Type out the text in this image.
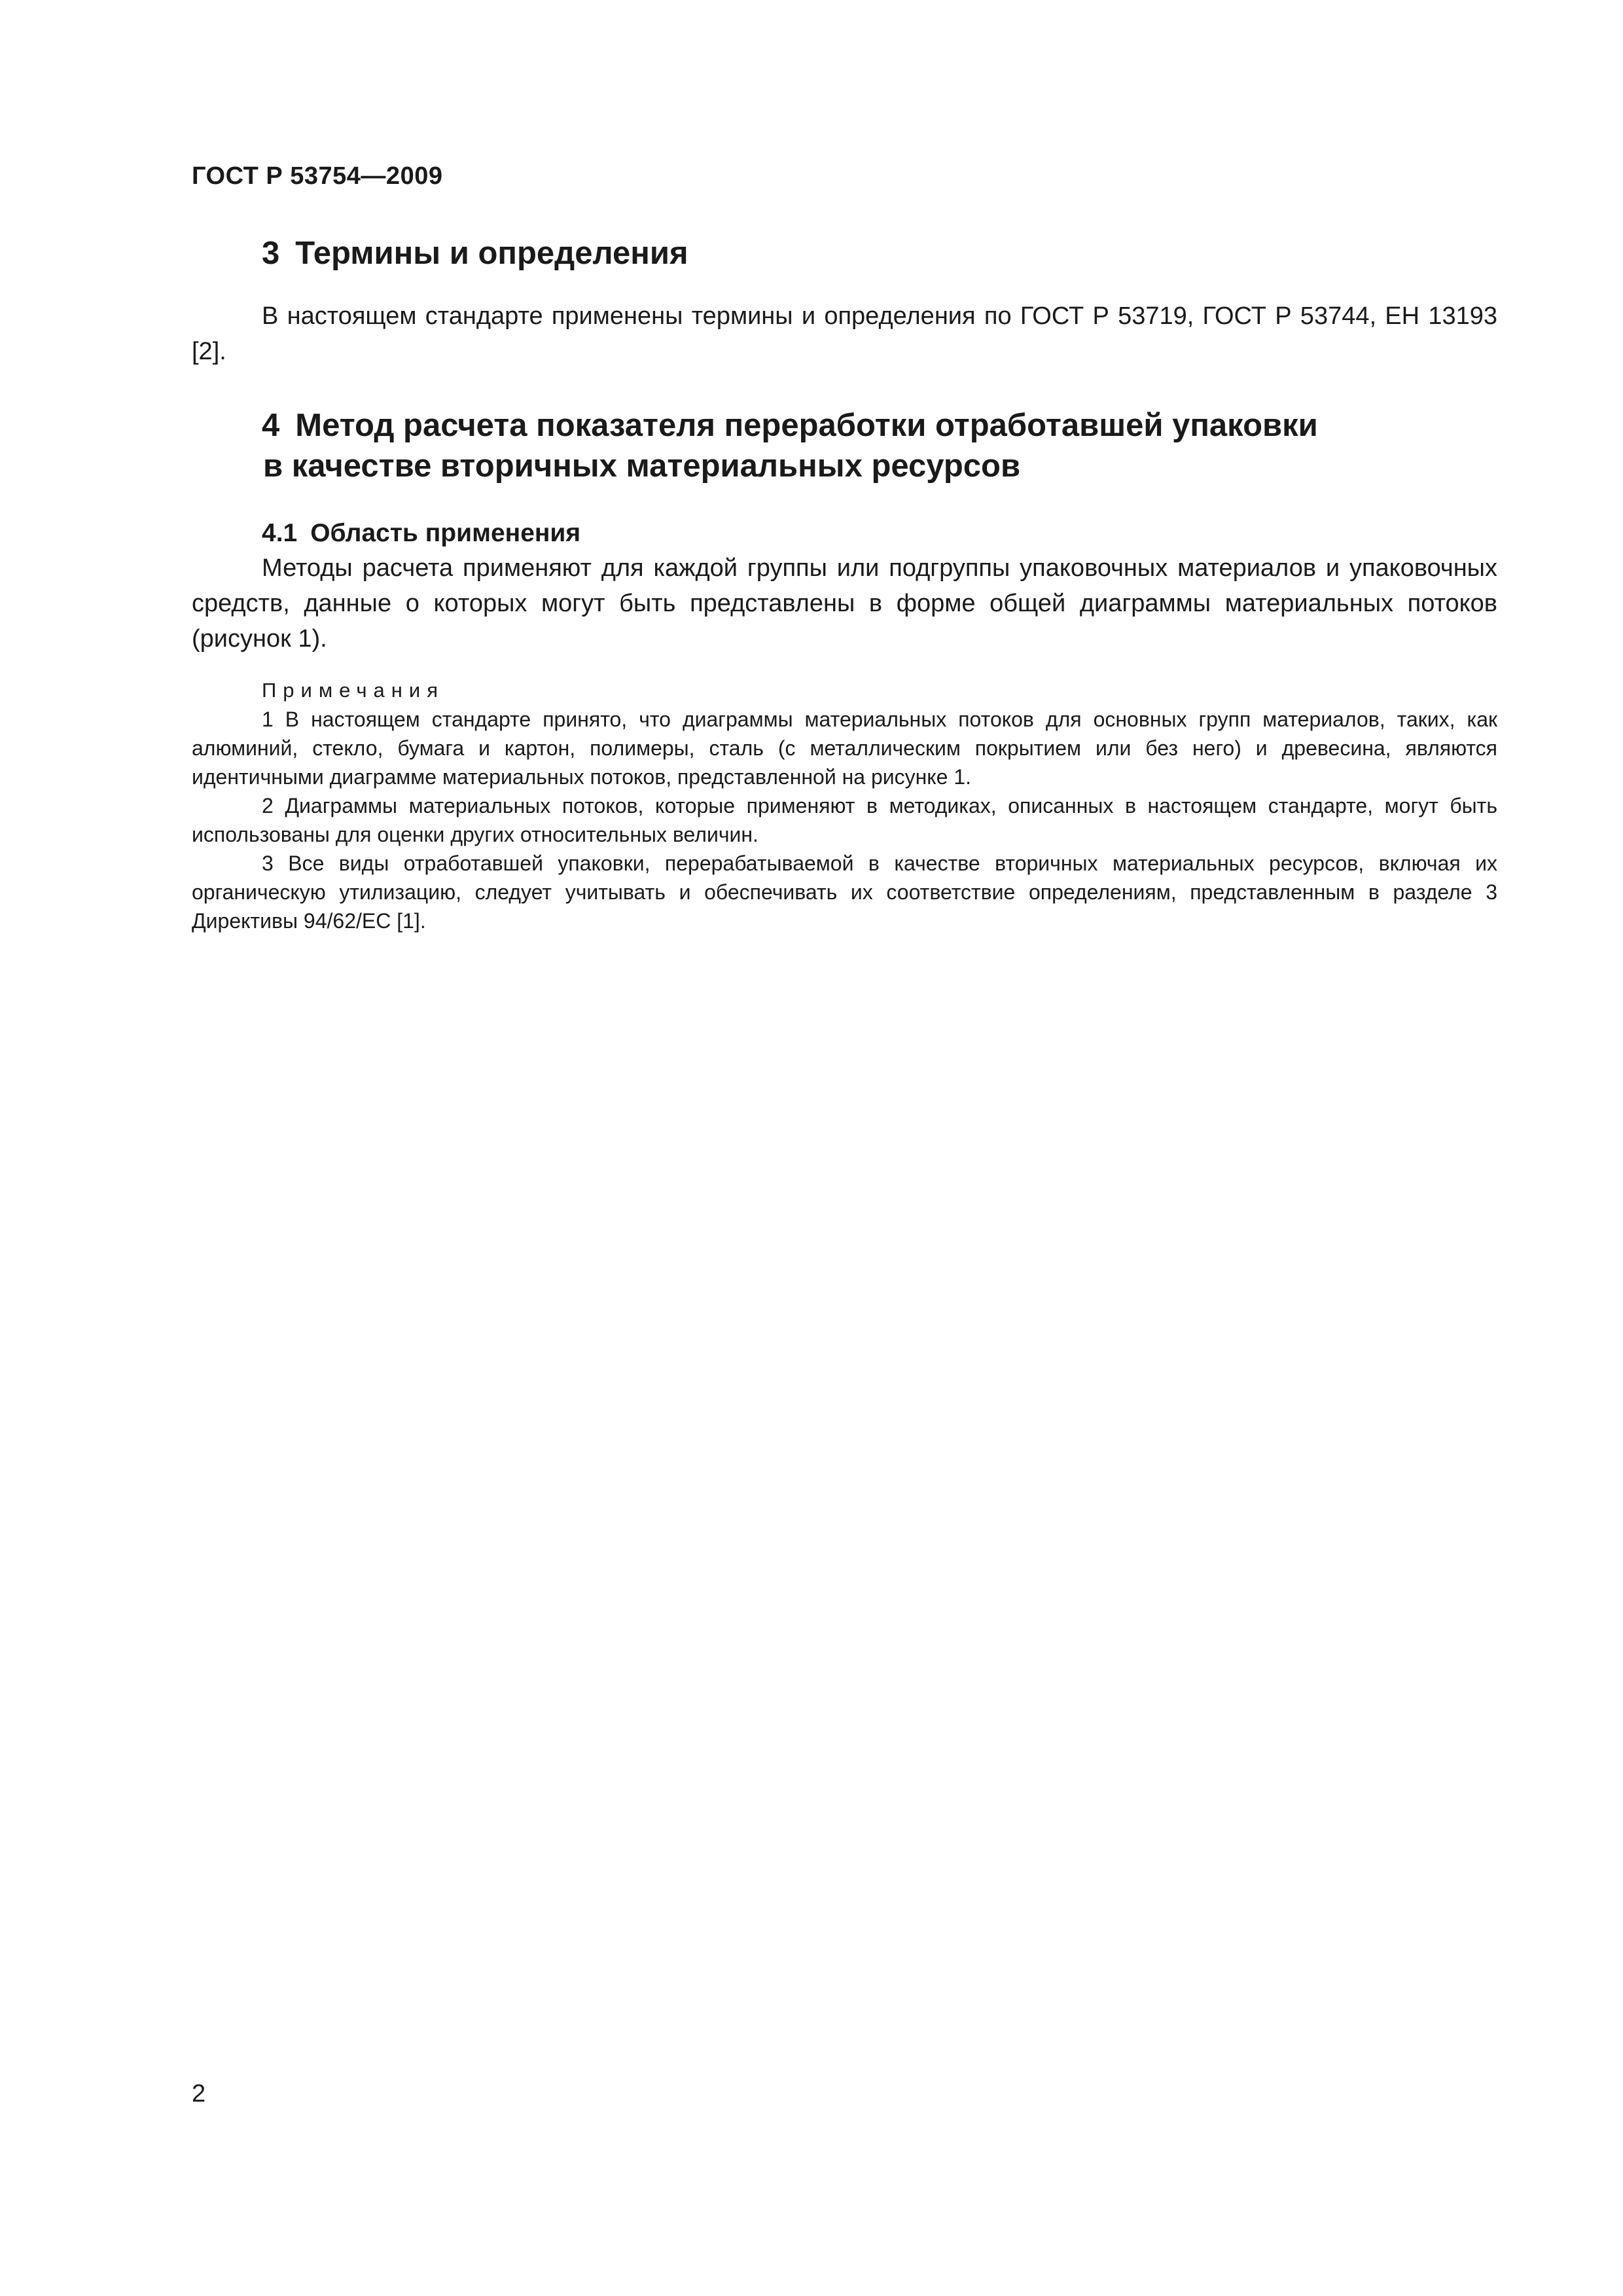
ГОСТ Р 53754—2009
3 Термины и определения

В настоящем стандарте применены термины и определения по ГОСТ Р 53719, ГОСТ Р 53744, ЕН 13193 [2].

4 Метод расчета показателя переработки отработавшей упаковки
в качестве вторичных материальных ресурсов
4.1 Область применения

Методы расчета применяют для каждой группы или подгруппы упаковочных материалов и упаковочных средств, данные о которых могут быть представлены в форме общей диаграммы материальных потоков (рисунок 1).

Примечания

1 В настоящем стандарте принято, что диаграммы материальных потоков для основных групп материалов, таких, как алюминий, стекло, бумага и картон, полимеры, сталь (с металлическим покрытием или без него) и древесина, являются идентичными диаграмме материальных потоков, представленной на рисунке 1.

2 Диаграммы материальных потоков, которые применяют в методиках, описанных в настоящем стандарте, могут быть использованы для оценки других относительных величин.

3 Все виды отработавшей упаковки, перерабатываемой в качестве вторичных материальных ресурсов, включая их органическую утилизацию, следует учитывать и обеспечивать их соответствие определениям, представленным в разделе 3 Директивы 94/62/ЕС [1].

2
